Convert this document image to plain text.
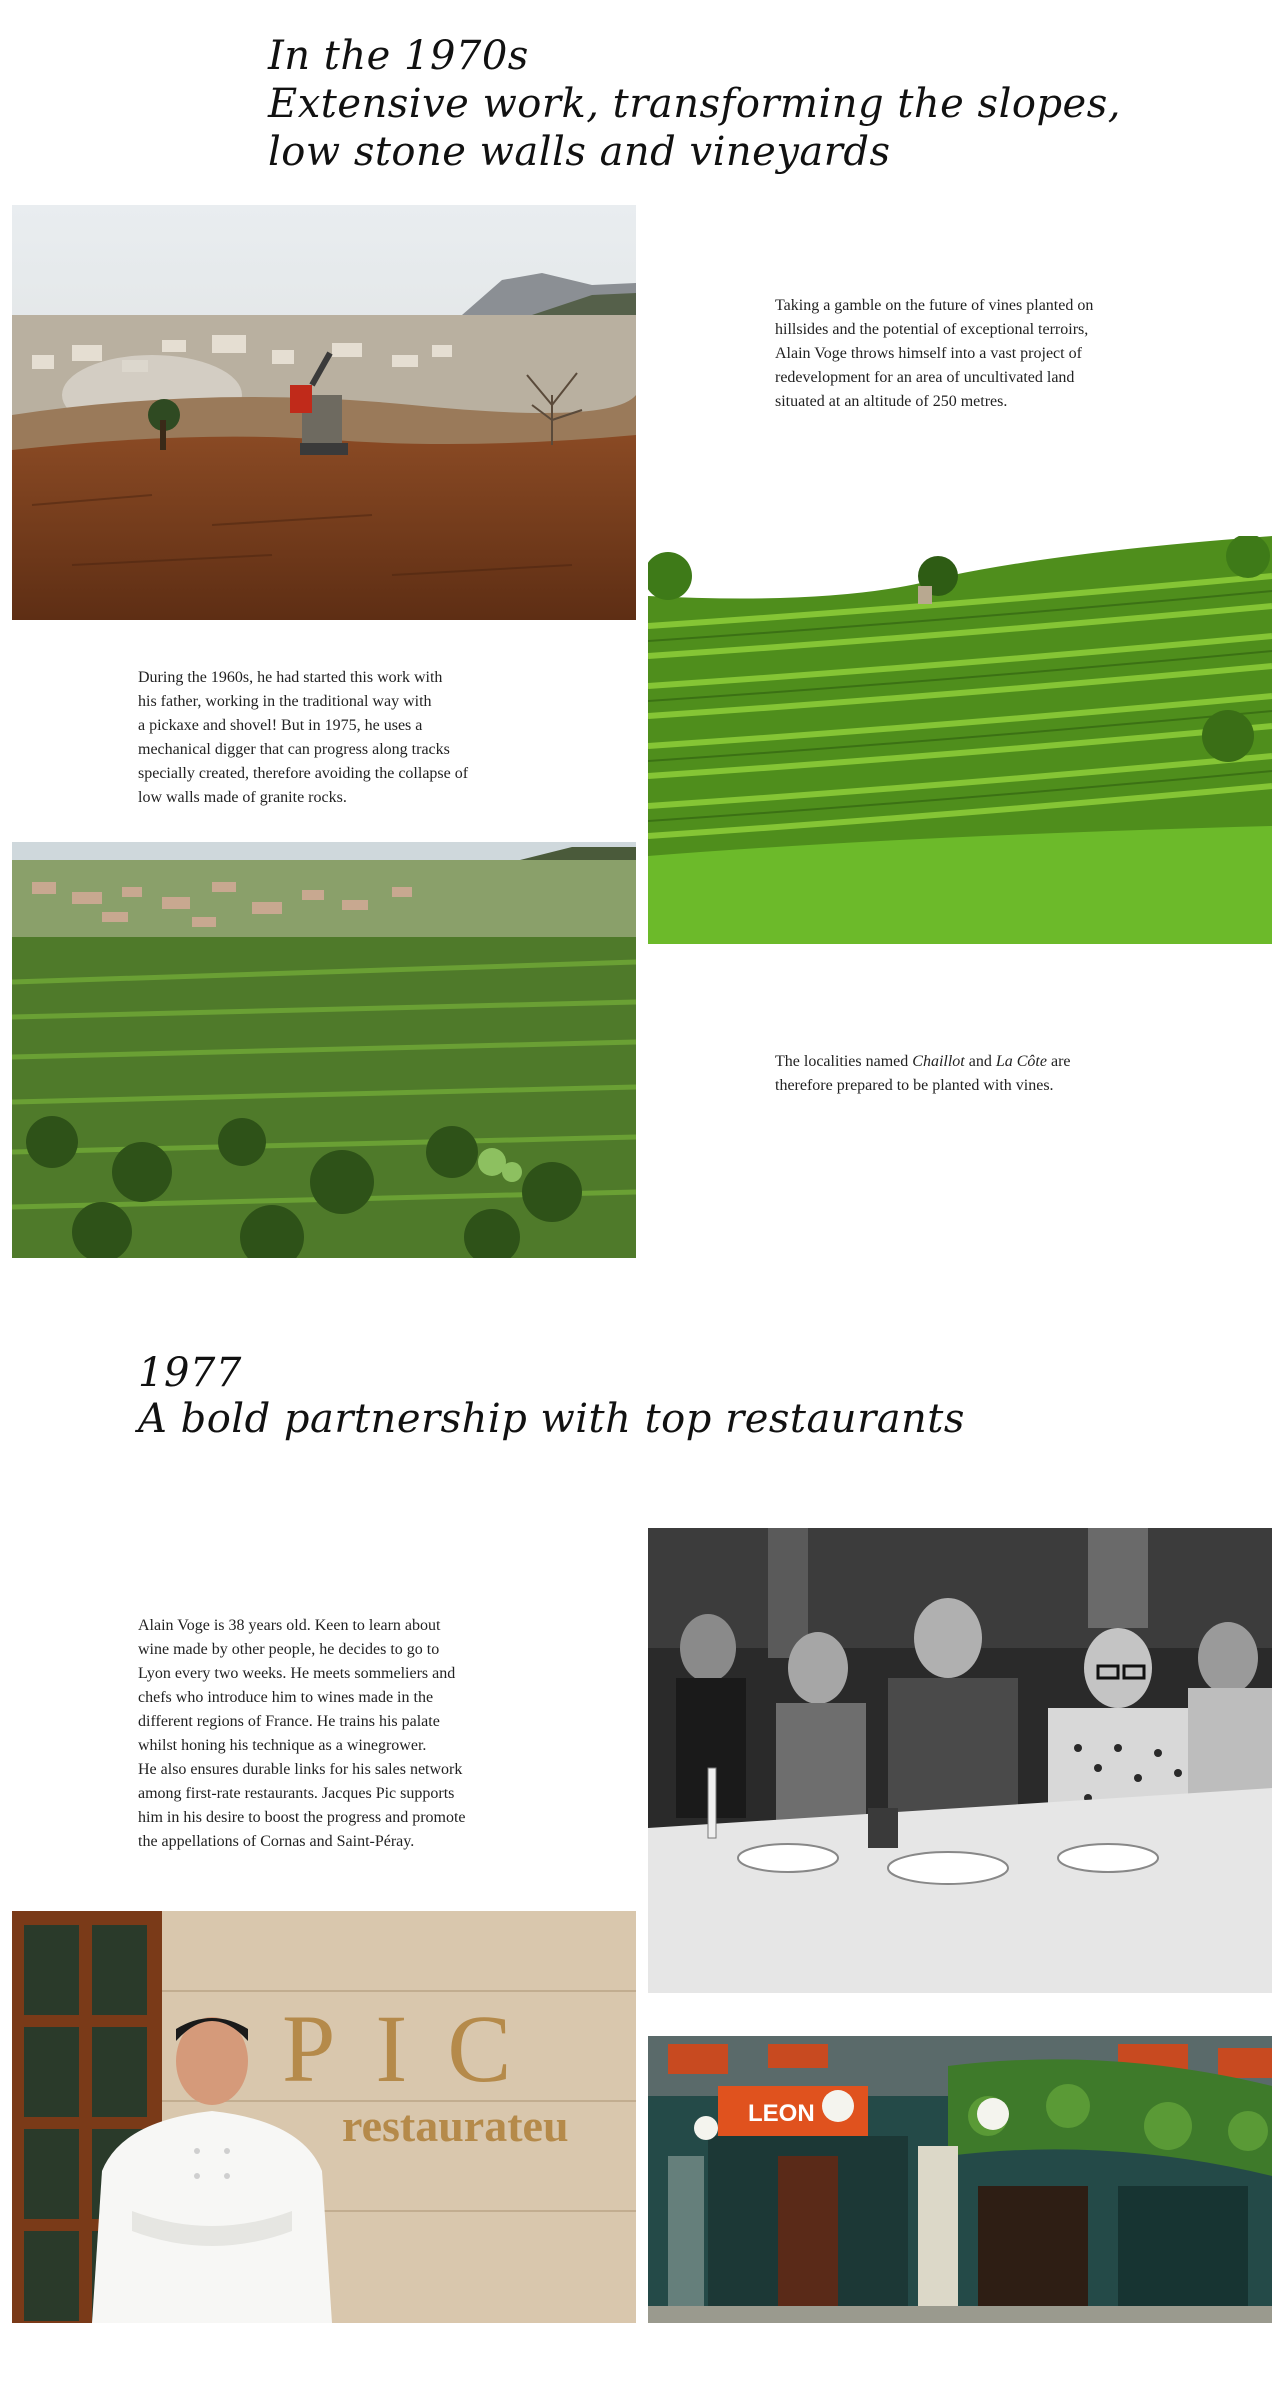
In the 1970s
Extensive work, transforming the slopes,
low stone walls and vineyards

Taking a gamble on the future of vines planted on
hillsides and the potential of exceptional terroirs,
Alain Voge throws himself into a vast project of
redevelopment for an area of uncultivated land
situated at an altitude of 250 metres.

During the 1960s, he had started this work with
his father, working in the traditional way with
a pickaxe and shovel! But in 1975, he uses a
mechanical digger that can progress along tracks
specially created, therefore avoiding the collapse of
low walls made of granite rocks.

The localities named Chaillot and La Côte are
therefore prepared to be planted with vines.

1977
A bold partnership with top restaurants

Alain Voge is 38 years old. Keen to learn about
wine made by other people, he decides to go to
Lyon every two weeks. He meets sommeliers and
chefs who introduce him to wines made in the
different regions of France. He trains his palate
whilst honing his technique as a winegrower.
He also ensures durable links for his sales network
among first-rate restaurants. Jacques Pic supports
him in his desire to boost the progress and promote
the appellations of Cornas and Saint-Péray.

PIC
restaurateu	LEON
